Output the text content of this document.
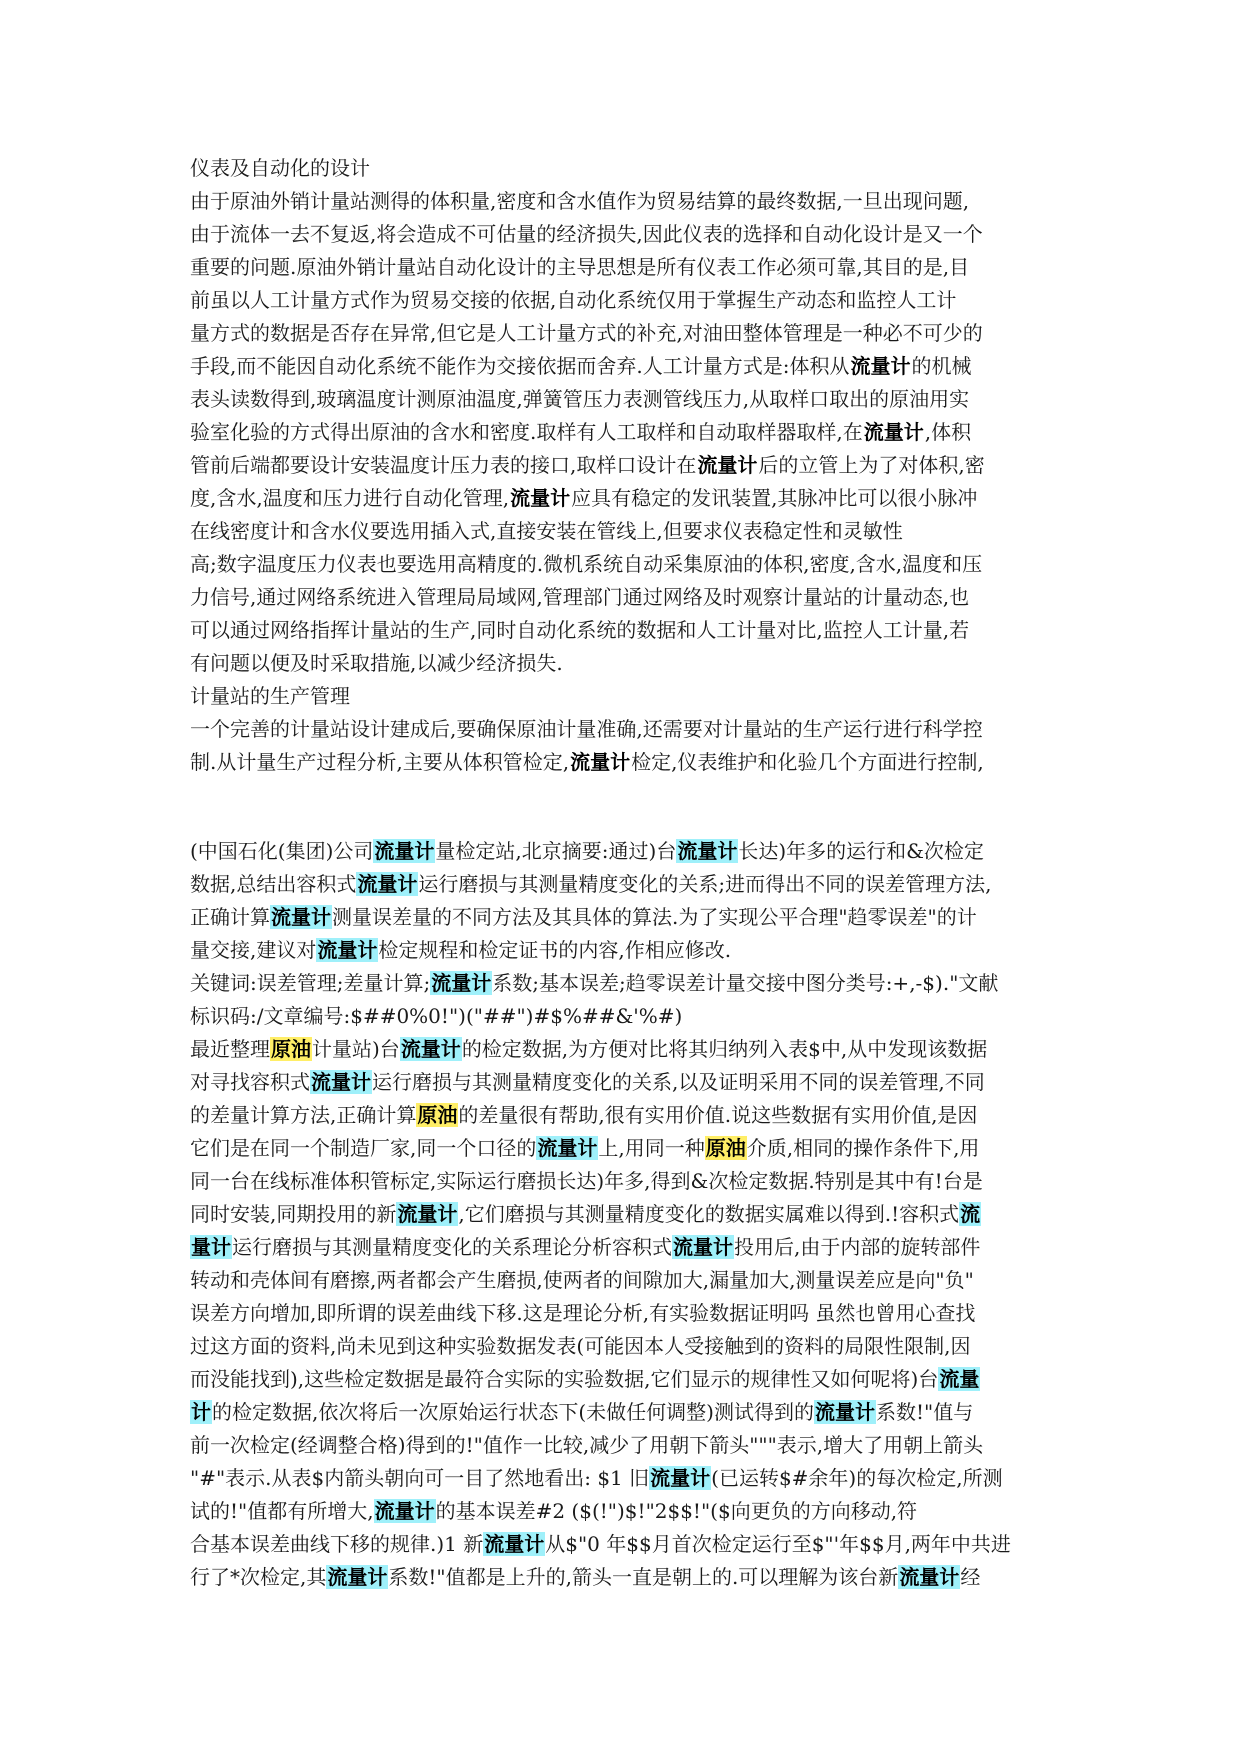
仪表及自动化的设计
由于原油外销计量站测得的体积量,密度和含水值作为贸易结算的最终数据,一旦出现问题,
由于流体一去不复返,将会造成不可估量的经济损失,因此仪表的选择和自动化设计是又一个
重要的问题.原油外销计量站自动化设计的主导思想是所有仪表工作必须可靠,其目的是,目
前虽以人工计量方式作为贸易交接的依据,自动化系统仅用于掌握生产动态和监控人工计
量方式的数据是否存在异常,但它是人工计量方式的补充,对油田整体管理是一种必不可少的
手段,而不能因自动化系统不能作为交接依据而舍弃.人工计量方式是:体积从流量计的机械
表头读数得到,玻璃温度计测原油温度,弹簧管压力表测管线压力,从取样口取出的原油用实
验室化验的方式得出原油的含水和密度.取样有人工取样和自动取样器取样,在流量计,体积
管前后端都要设计安装温度计压力表的接口,取样口设计在流量计后的立管上为了对体积,密
度,含水,温度和压力进行自动化管理,流量计应具有稳定的发讯装置,其脉冲比可以很小脉冲
在线密度计和含水仪要选用插入式,直接安装在管线上,但要求仪表稳定性和灵敏性
高;数字温度压力仪表也要选用高精度的.微机系统自动采集原油的体积,密度,含水,温度和压
力信号,通过网络系统进入管理局局域网,管理部门通过网络及时观察计量站的计量动态,也
可以通过网络指挥计量站的生产,同时自动化系统的数据和人工计量对比,监控人工计量,若
有问题以便及时采取措施,以减少经济损失.
计量站的生产管理
一个完善的计量站设计建成后,要确保原油计量准确,还需要对计量站的生产运行进行科学控
制.从计量生产过程分析,主要从体积管检定,流量计检定,仪表维护和化验几个方面进行控制,
(中国石化(集团)公司流量计量检定站,北京摘要:通过)台流量计长达)年多的运行和&次检定
数据,总结出容积式流量计运行磨损与其测量精度变化的关系;进而得出不同的误差管理方法,
正确计算流量计测量误差量的不同方法及其具体的算法.为了实现公平合理"趋零误差"的计
量交接,建议对流量计检定规程和检定证书的内容,作相应修改.
关键词:误差管理;差量计算;流量计系数;基本误差;趋零误差计量交接中图分类号:+,-$)."文献
标识码:/文章编号:$##0%0!")("##")#$%##&'%#)
最近整理原油计量站)台流量计的检定数据,为方便对比将其归纳列入表$中,从中发现该数据
对寻找容积式流量计运行磨损与其测量精度变化的关系,以及证明采用不同的误差管理,不同
的差量计算方法,正确计算原油的差量很有帮助,很有实用价值.说这些数据有实用价值,是因
它们是在同一个制造厂家,同一个口径的流量计上,用同一种原油介质,相同的操作条件下,用
同一台在线标准体积管标定,实际运行磨损长达)年多,得到&次检定数据.特别是其中有!台是
同时安装,同期投用的新流量计,它们磨损与其测量精度变化的数据实属难以得到.!容积式流
量计运行磨损与其测量精度变化的关系理论分析容积式流量计投用后,由于内部的旋转部件
转动和壳体间有磨擦,两者都会产生磨损,使两者的间隙加大,漏量加大,测量误差应是向"负"
误差方向增加,即所谓的误差曲线下移.这是理论分析,有实验数据证明吗 虽然也曾用心查找
过这方面的资料,尚未见到这种实验数据发表(可能因本人受接触到的资料的局限性限制,因
而没能找到),这些检定数据是最符合实际的实验数据,它们显示的规律性又如何呢将)台流量
计的检定数据,依次将后一次原始运行状态下(未做任何调整)测试得到的流量计系数!"值与
前一次检定(经调整合格)得到的!"值作一比较,减少了用朝下箭头"""表示,增大了用朝上箭头
"#"表示.从表$内箭头朝向可一目了然地看出: $1 旧流量计(已运转$#余年)的每次检定,所测
试的!"值都有所增大,流量计的基本误差#2 ($(!")$!"2$$!"($向更负的方向移动,符
合基本误差曲线下移的规律.)1 新流量计从$"0 年$$月首次检定运行至$"'年$$月,两年中共进
行了*次检定,其流量计系数!"值都是上升的,箭头一直是朝上的.可以理解为该台新流量计经
